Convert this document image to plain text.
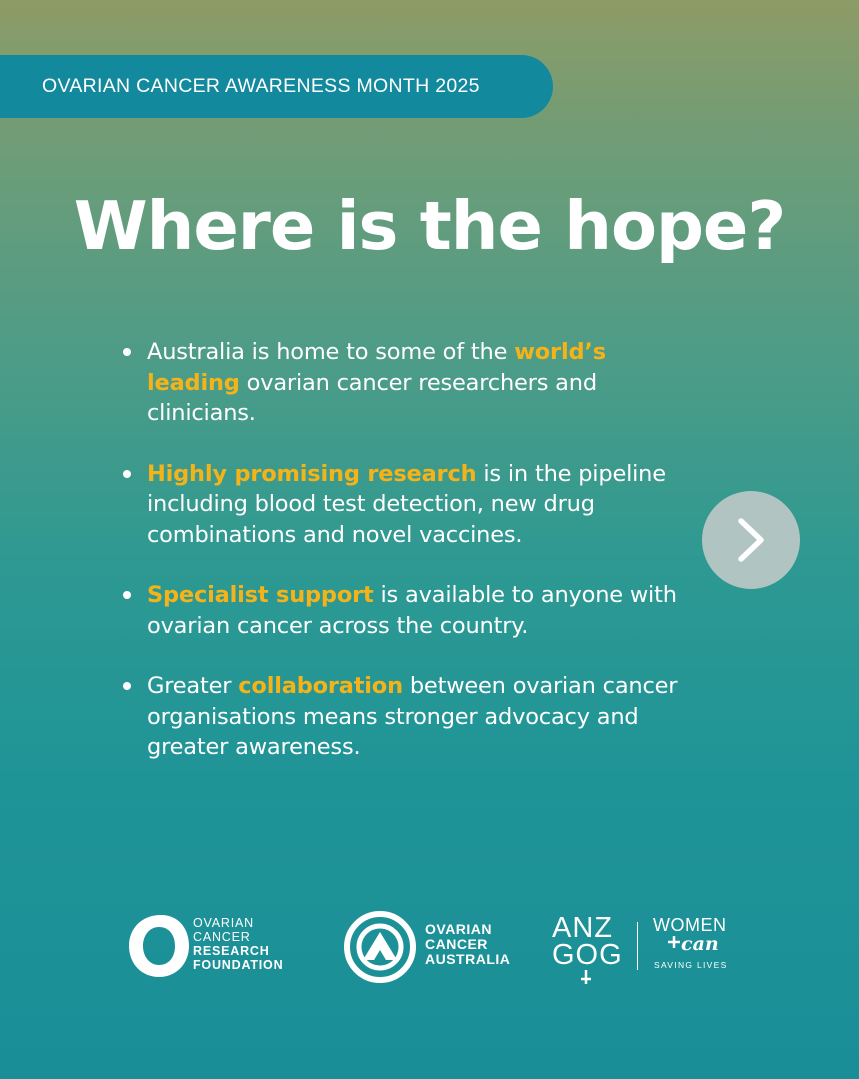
OVARIAN CANCER AWARENESS MONTH 2025
Where is the hope?
Australia is home to some of the world’s leading ovarian cancer researchers and clinicians.
Highly promising research is in the pipeline including blood test detection, new drug combinations and novel vaccines.
Specialist support is available to anyone with ovarian cancer across the country.
Greater collaboration between ovarian cancer organisations means stronger advocacy and greater awareness.
OVARIAN
CANCER
RESEARCH
FOUNDATION
OVARIAN
CANCER
AUSTRALIA
ANZ
GOG
WOMEN
can
SAVING LIVES
